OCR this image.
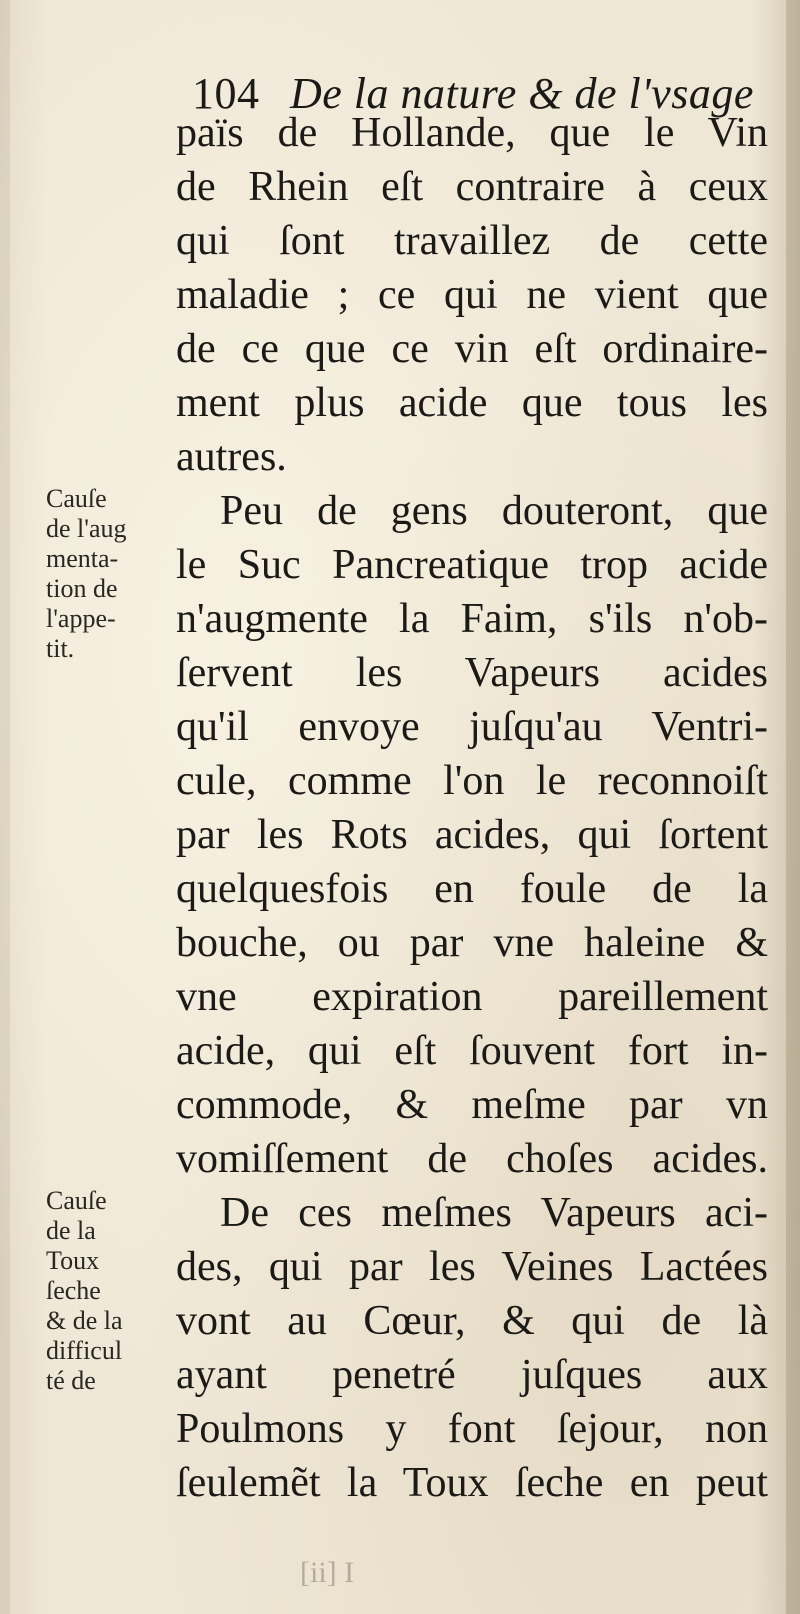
104 De la nature & de l'vsage
païs de Hollande, que le Vin
de Rhein eſt contraire à ceux
qui ſont travaillez de cette
maladie ; ce qui ne vient que
de ce que ce vin eſt ordinaire-
ment plus acide que tous les
autres.
Peu de gens douteront, que
le Suc Pancreatique trop acide
n'augmente la Faim, s'ils n'ob-
ſervent les Vapeurs acides
qu'il envoye juſqu'au Ventri-
cule, comme l'on le reconnoiſt
par les Rots acides, qui ſortent
quelquesfois en foule de la
bouche, ou par vne haleine &
vne expiration pareillement
acide, qui eſt ſouvent fort in-
commode, & meſme par vn
vomiſſement de choſes acides.
De ces meſmes Vapeurs aci-
des, qui par les Veines Lactées
vont au Cœur, & qui de là
ayant penetré juſques aux
Poulmons y font ſejour, non
ſeulemẽt la Toux ſeche en peut
Cauſe
de l'aug
menta-
tion de
l'appe-
tit.
Cauſe
de la
Toux
ſeche
& de la
difficul
té de
[ii] I
